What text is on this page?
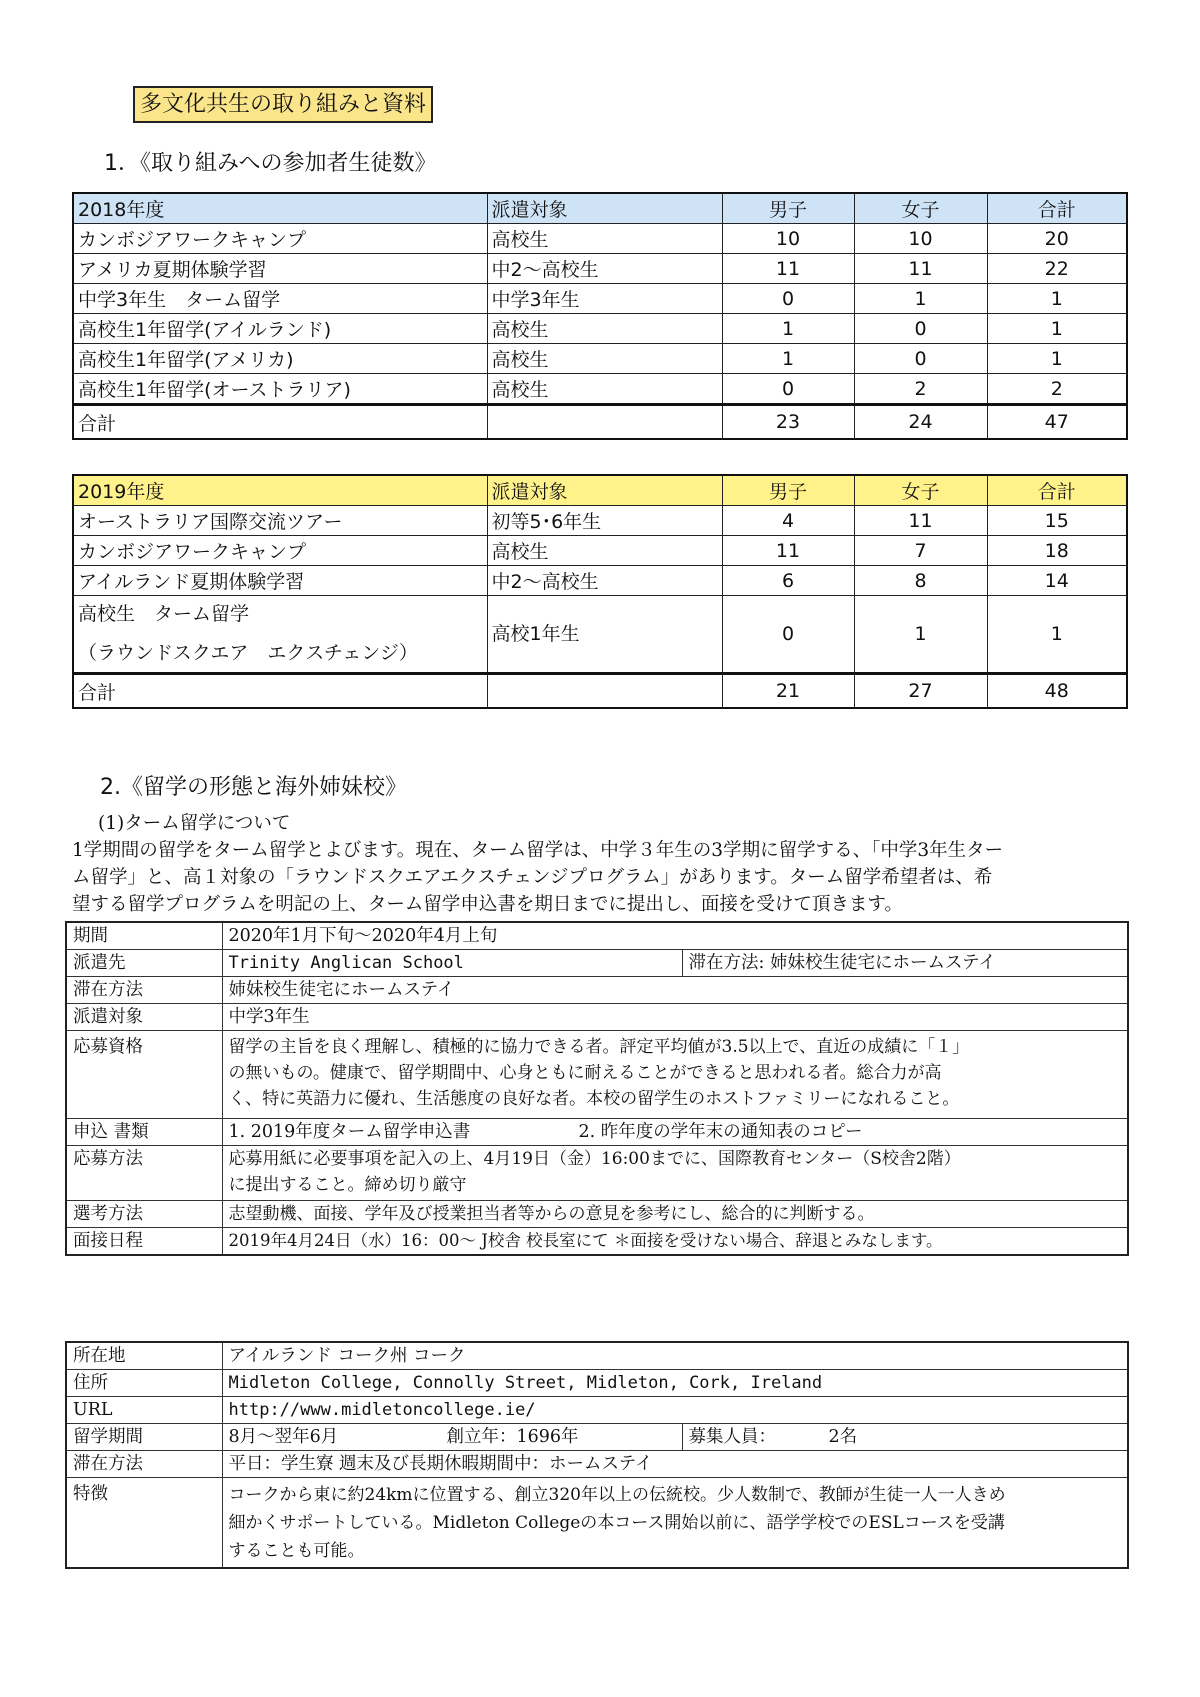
多文化共生の取り組みと資料
1．《取り組みへの参加者生徒数》
2018年度	派遣対象	男子	女子	合計
カンボジアワークキャンプ	高校生	10	10	20
アメリカ夏期体験学習	中2～高校生	11	11	22
中学3年生　ターム留学	中学3年生	0	1	1
高校生1年留学(アイルランド)	高校生	1	0	1
高校生1年留学(アメリカ)	高校生	1	0	1
高校生1年留学(オーストラリア)	高校生	0	2	2
合計		23	24	47
2019年度	派遣対象	男子	女子	合計
オーストラリア国際交流ツアー	初等5･6年生	4	11	15
カンボジアワークキャンプ	高校生	11	7	18
アイルランド夏期体験学習	中2～高校生	6	8	14

高校生　ターム留学
（ラウンドスクエア　エクスチェンジ）	高校1年生	0	1	1
合計		21	27	48
2.《留学の形態と海外姉妹校》
(1)ターム留学について
1学期間の留学をターム留学とよびます。現在、ターム留学は、中学３年生の3学期に留学する、「中学3年生ター
ム留学」と、高１対象の「ラウンドスクエアエクスチェンジプログラム」があります。ターム留学希望者は、希
望する留学プログラムを明記の上、ターム留学申込書を期日までに提出し、面接を受けて頂きます。
期間	2020年1月下旬～2020年4月上旬	
派遣先	Trinity Anglican School	滞在方法: 姉妹校生徒宅にホームステイ
滞在方法	姉妹校生徒宅にホームステイ	
派遣対象	中学3年生	
応募資格	留学の主旨を良く理解し、積極的に協力できる者。評定平均値が3.5以上で、直近の成績に「１」
の無いもの。健康で、留学期間中、心身ともに耐えることができると思われる者。総合力が高
く、特に英語力に優れ、生活態度の良好な者。本校の留学生のホストファミリーになれること。	

申込 書類	1. 2019年度ターム留学申込書 2. 昨年度の学年末の通知表のコピー	

応募方法	応募用紙に必要事項を記入の上、4月19日（金）16:00までに、国際教育センター（S校舎2階）
に提出すること。締め切り厳守	

選考方法	志望動機、面接、学年及び授業担当者等からの意見を参考にし、総合的に判断する。	
面接日程	2019年4月24日（水）16：00～ J校舎 校長室にて ＊面接を受けない場合、辞退とみなします。	
所在地	アイルランド コーク州 コーク	
住所	Midleton College, Connolly Street, Midleton, Cork, Ireland	
URL	http://www.midletoncollege.ie/	
留学期間	8月～翌年6月 創立年：1696年	募集人員： 2名

滞在方法	平日：学生寮 週末及び長期休暇期間中：ホームステイ	
特徴	コークから東に約24kmに位置する、創立320年以上の伝統校。少人数制で、教師が生徒一人一人きめ
細かくサポートしている。Midleton Collegeの本コース開始以前に、語学学校でのESLコースを受講
することも可能。	
